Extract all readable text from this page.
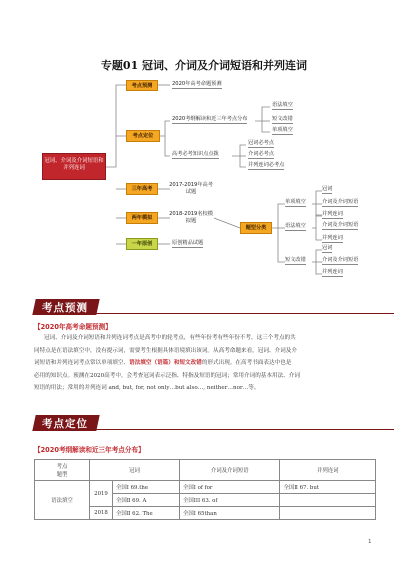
专题01 冠词、介词及介词短语和并列连词
冠词、介词及介词短语和并列连词
考点预测
考点定位
三年高考
两年模拟
一年原创
2020年高考命题预测
2020考纲解读和近三年考点分布
语法填空
短文改错
单项填空
高考必考知识点点拨
冠词必考点
介词必考点
并列连词必考点
2017-2019年高考试题
2018-2019名校模拟题
原创精品试题
题型分类
单项填空
冠词
介词及介词短语
并列连词
语法填空	介词及介词短语
并列连词
短文改错
冠词
介词及介词短语
并列连词
考点预测
【2020年高考命题预测】
冠词、介词及介词短语和并列连词考点是高考中的轮考点，有些年份考有些年份不考，这三个考点的共
同特点是在语法填空中，没有提示词，需要考生根据具体语境填出该词。从高考命题来看，冠词、介词及介
词短语和并列连词考点常以单项填空、语法填空（语篇）和短文改错的形式出现。在高考书面表达中也是
必用的知识点。预测在2020高考中，会考查冠词表示泛指、特指及短语的冠词；常用介词的基本用法、介词
短语的用法；常用的并列连词 and, but, for, not only…but also…, neither…nor…等。
考点定位
【2020考纲解读和近三年考点分布】
考点
题型	冠词		介词及介词短语	并列连词
语法填空	2019	全国Ⅰ 69.the	全国Ⅰ of for	全国Ⅱ 67. but
		全国Ⅱ 69. A	全国III 63. of	
	2018	全国Ⅱ 62. The	全国Ⅰ 65than	
1
